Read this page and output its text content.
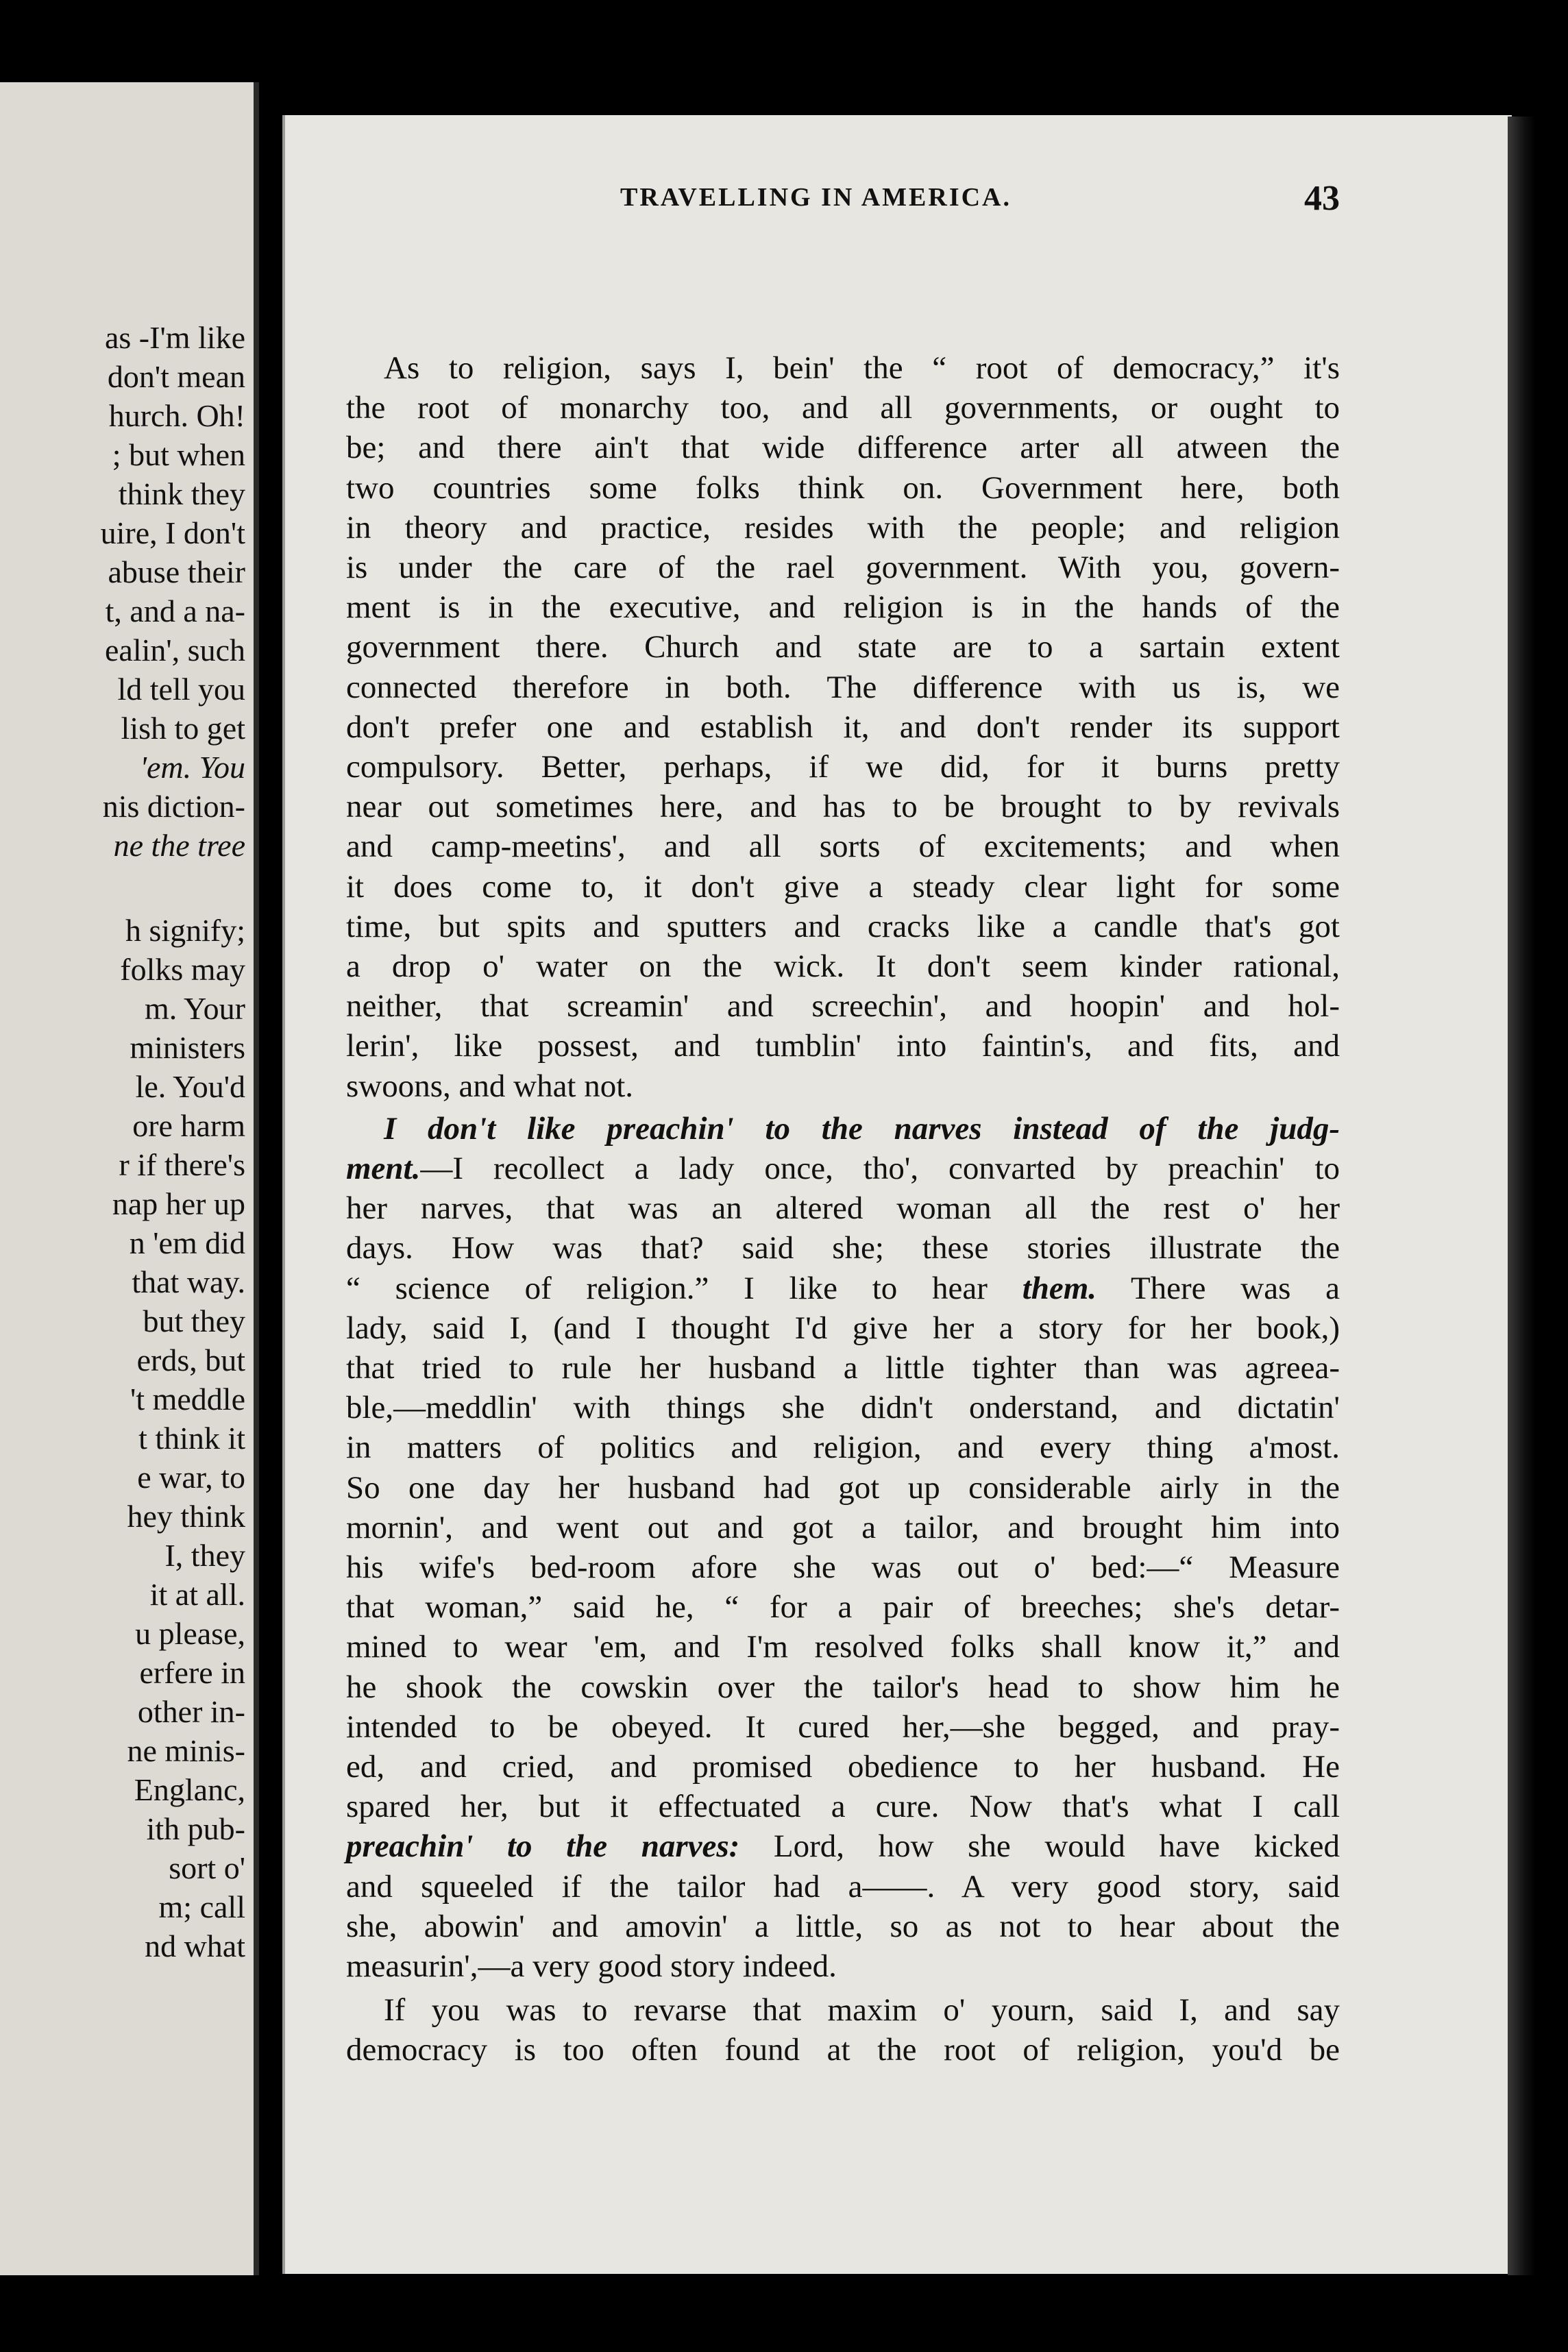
as -I'm like
don't mean
hurch. Oh!
; but when
think they
uire, I don't
abuse their
t, and a na-
ealin', such
ld tell you
lish to get
'em. You
nis diction-
ne the tree
h signify;
folks may
m. Your
ministers
le. You'd
ore harm
r if there's
nap her up
n 'em did
that way.
but they
erds, but
't meddle
t think it
e war, to
hey think
I, they
it at all.
u please,
erfere in
other in-
ne minis-
Englanc,
ith pub-
sort o'
m; call
nd what
TRAVELLING IN AMERICA.	43
As to religion, says I, bein' the “ root of democracy,” it's
the root of monarchy too, and all governments, or ought to
be; and there ain't that wide difference arter all atween the
two countries some folks think on. Government here, both
in theory and practice, resides with the people; and religion
is under the care of the rael government. With you, govern-
ment is in the executive, and religion is in the hands of the
government there. Church and state are to a sartain extent
connected therefore in both. The difference with us is, we
don't prefer one and establish it, and don't render its support
compulsory. Better, perhaps, if we did, for it burns pretty
near out sometimes here, and has to be brought to by revivals
and camp-meetins', and all sorts of excitements; and when
it does come to, it don't give a steady clear light for some
time, but spits and sputters and cracks like a candle that's got
a drop o' water on the wick. It don't seem kinder rational,
neither, that screamin' and screechin', and hoopin' and hol-
lerin', like possest, and tumblin' into faintin's, and fits, and
swoons, and what not.
I don't like preachin' to the narves instead of the judg-
ment.—I recollect a lady once, tho', convarted by preachin' to
her narves, that was an altered woman all the rest o' her
days. How was that? said she; these stories illustrate the
“ science of religion.” I like to hear them. There was a
lady, said I, (and I thought I'd give her a story for her book,)
that tried to rule her husband a little tighter than was agreea-
ble,—meddlin' with things she didn't onderstand, and dictatin'
in matters of politics and religion, and every thing a'most.
So one day her husband had got up considerable airly in the
mornin', and went out and got a tailor, and brought him into
his wife's bed-room afore she was out o' bed:—“ Measure
that woman,” said he, “ for a pair of breeches; she's detar-
mined to wear 'em, and I'm resolved folks shall know it,” and
he shook the cowskin over the tailor's head to show him he
intended to be obeyed. It cured her,—she begged, and pray-
ed, and cried, and promised obedience to her husband. He
spared her, but it effectuated a cure. Now that's what I call
preachin' to the narves: Lord, how she would have kicked
and squeeled if the tailor had a——. A very good story, said
she, abowin' and amovin' a little, so as not to hear about the
measurin',—a very good story indeed.
If you was to revarse that maxim o' yourn, said I, and say
democracy is too often found at the root of religion, you'd be
